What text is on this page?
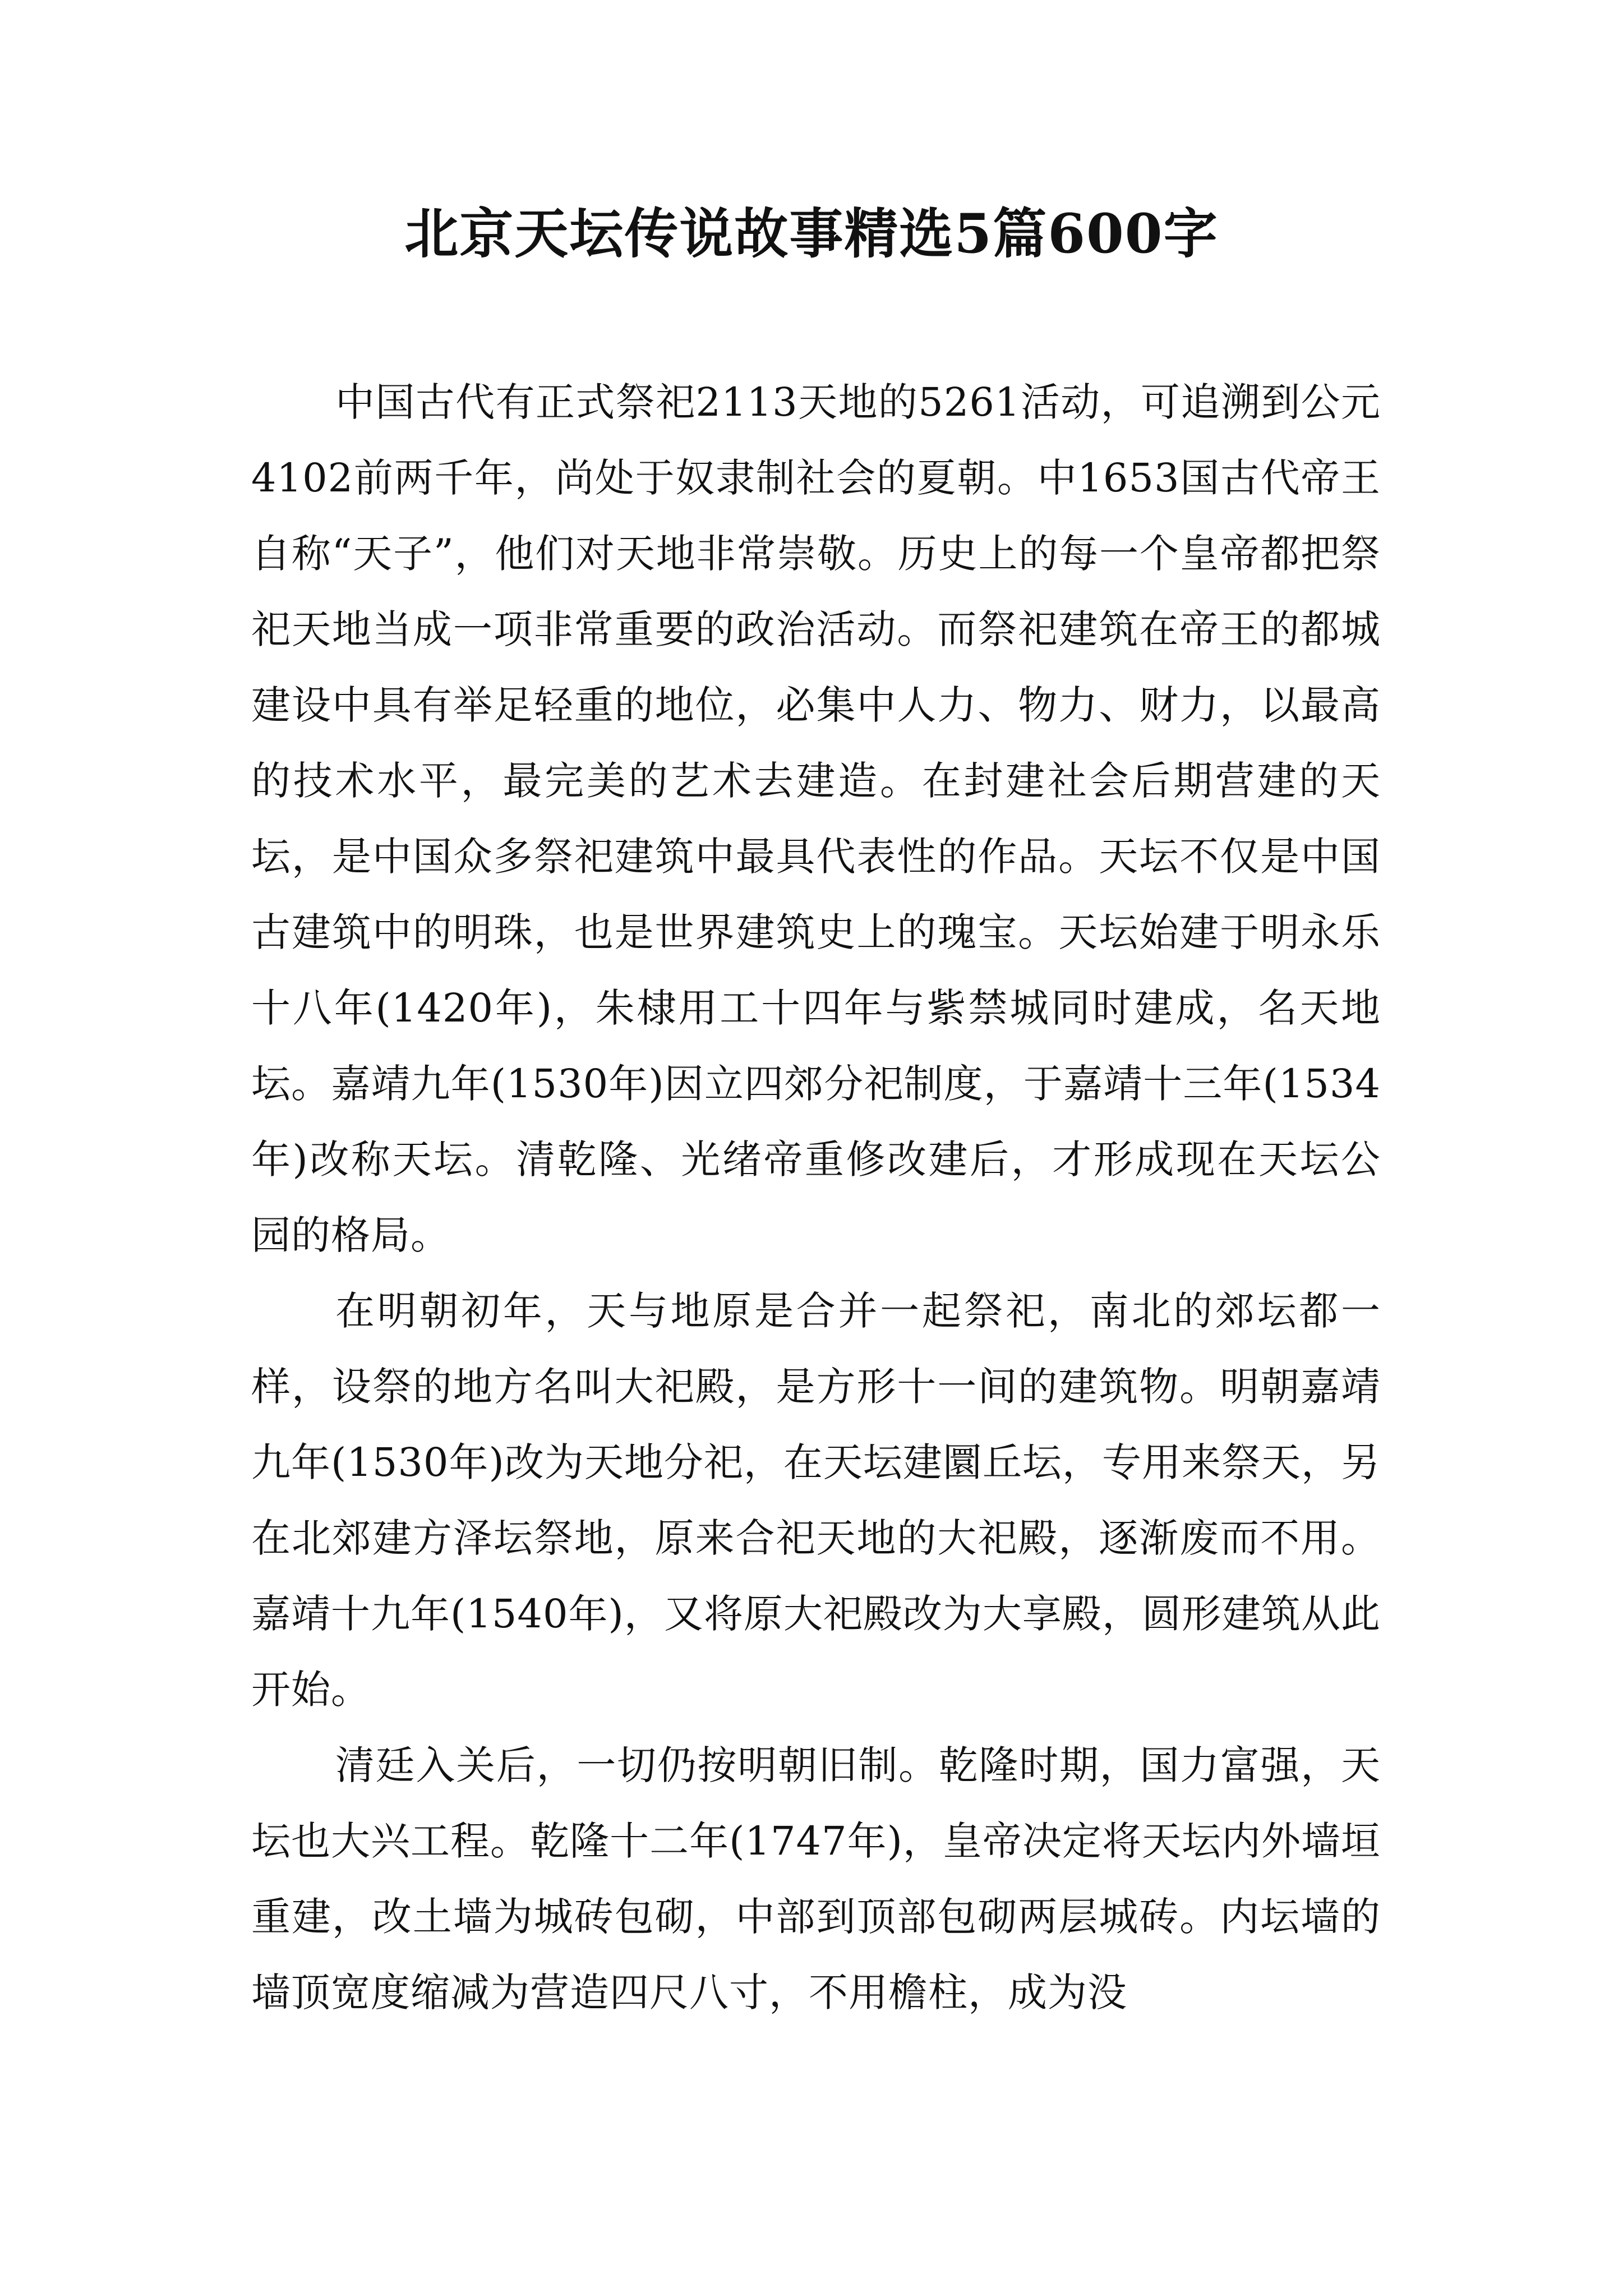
北京天坛传说故事精选5篇600字

中国古代有正式祭祀2113天地的5261活动，可追溯到公元4102前两千年，尚处于奴隶制社会的夏朝。中1653国古代帝王自称“天子”，他们对天地非常崇敬。历史上的每一个皇帝都把祭祀天地当成一项非常重要的政治活动。而祭祀建筑在帝王的都城建设中具有举足轻重的地位，必集中人力、物力、财力，以最高的技术水平，最完美的艺术去建造。在封建社会后期营建的天坛，是中国众多祭祀建筑中最具代表性的作品。天坛不仅是中国古建筑中的明珠，也是世界建筑史上的瑰宝。天坛始建于明永乐十八年(1420年)，朱棣用工十四年与紫禁城同时建成，名天地坛。嘉靖九年(1530年)因立四郊分祀制度，于嘉靖十三年(1534年)改称天坛。清乾隆、光绪帝重修改建后，才形成现在天坛公园的格局。

在明朝初年，天与地原是合并一起祭祀，南北的郊坛都一样，设祭的地方名叫大祀殿，是方形十一间的建筑物。明朝嘉靖九年(1530年)改为天地分祀，在天坛建圜丘坛，专用来祭天，另在北郊建方泽坛祭地，原来合祀天地的大祀殿，逐渐废而不用。嘉靖十九年(1540年)，又将原大祀殿改为大享殿，圆形建筑从此开始。

清廷入关后，一切仍按明朝旧制。乾隆时期，国力富强，天坛也大兴工程。乾隆十二年(1747年)，皇帝决定将天坛内外墙垣重建，改土墙为城砖包砌，中部到顶部包砌两层城砖。内坛墙的墙顶宽度缩减为营造四尺八寸，不用檐柱，成为没
